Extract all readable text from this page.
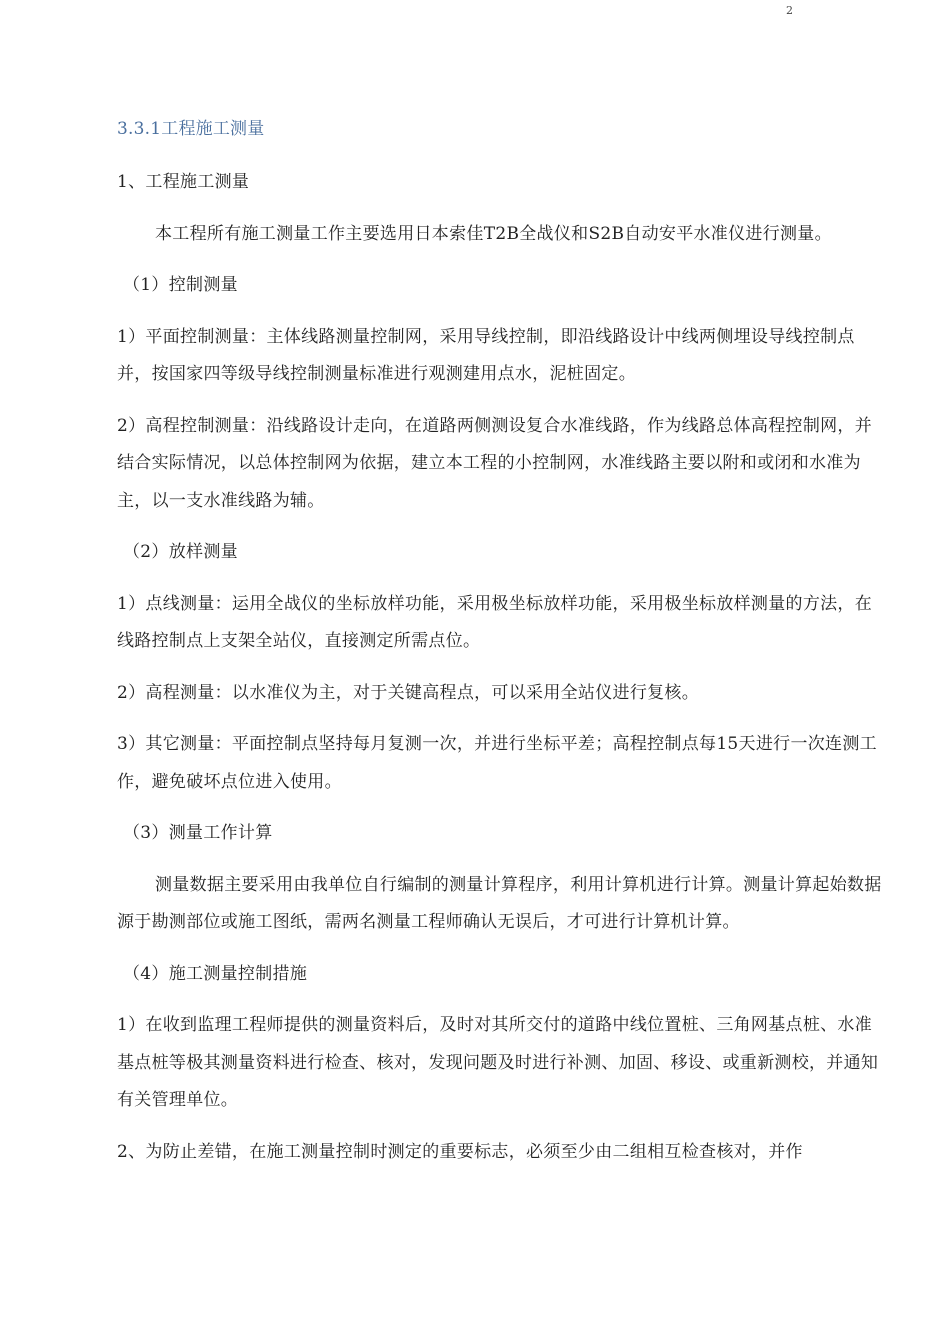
2
3.3.1工程施工测量

1、工程施工测量

本工程所有施工测量工作主要选用日本索佳T2B全战仪和S2B自动安平水准仪进行测量。

（1）控制测量

1）平面控制测量：主体线路测量控制网，采用导线控制，即沿线路设计中线两侧埋设导线控制点并，按国家四等级导线控制测量标准进行观测建用点水，泥桩固定。

2）高程控制测量：沿线路设计走向，在道路两侧测设复合水准线路，作为线路总体高程控制网，并结合实际情况，以总体控制网为依据，建立本工程的小控制网，水准线路主要以附和或闭和水准为主，以一支水准线路为辅。

（2）放样测量

1）点线测量：运用全战仪的坐标放样功能，采用极坐标放样功能，采用极坐标放样测量的方法，在线路控制点上支架全站仪，直接测定所需点位。

2）高程测量：以水准仪为主，对于关键高程点，可以采用全站仪进行复核。

3）其它测量：平面控制点坚持每月复测一次，并进行坐标平差；高程控制点每15天进行一次连测工作，避免破坏点位进入使用。

（3）测量工作计算

测量数据主要采用由我单位自行编制的测量计算程序，利用计算机进行计算。测量计算起始数据源于勘测部位或施工图纸，需两名测量工程师确认无误后，才可进行计算机计算。

（4）施工测量控制措施

1）在收到监理工程师提供的测量资料后，及时对其所交付的道路中线位置桩、三角网基点桩、水准基点桩等极其测量资料进行检查、核对，发现问题及时进行补测、加固、移设、或重新测校，并通知有关管理单位。

2、为防止差错，在施工测量控制时测定的重要标志，必须至少由二组相互检查核对，并作
